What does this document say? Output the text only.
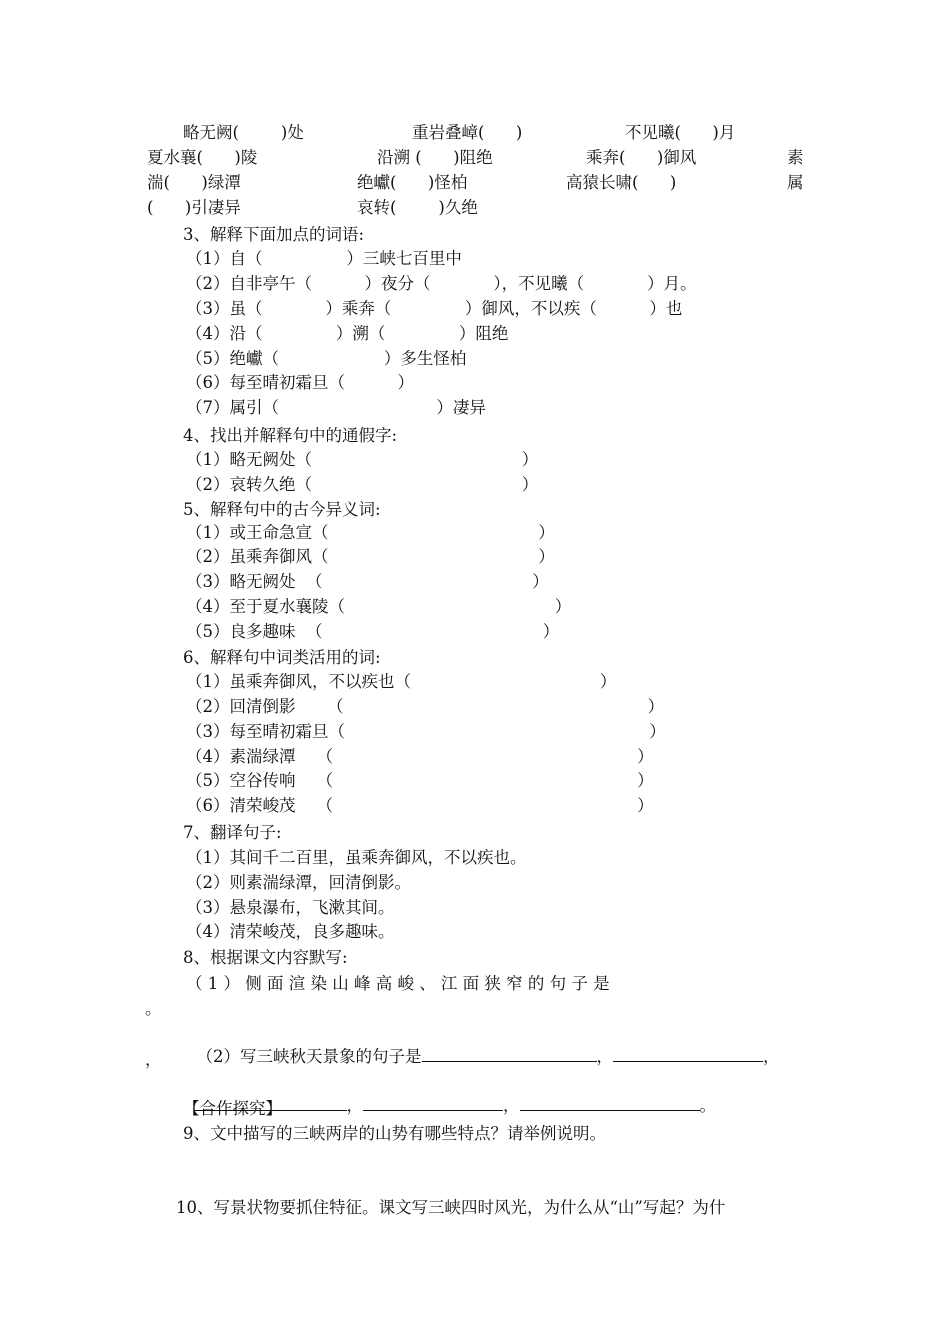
略无阙(        )处	重岩叠嶂(      )	不见曦(      )月
夏水襄(      )陵	沿溯 (      )阻绝	乘奔(      )御风	素
湍(      )绿潭	绝巘(      )怪柏	高猿长啸(      )	属
(      )引凄异	哀转(        )久绝
3、解释下面加点的词语:
（1）自（                ）三峡七百里中
（2）自非亭午（          ）夜分（            ），不见曦（            ）月。
（3）虽（            ）乘奔（              ）御风，不以疾（          ）也
（4）沿（              ）溯（              ）阻绝
（5）绝巘（                    ）多生怪柏
（6）每至晴初霜旦（          ）
（7）属引（                              ）凄异
4、找出并解释句中的通假字:
（1）略无阙处（                                        ）
（2）哀转久绝（                                        ）
5、解释句中的古今异义词:
（1）或王命急宣（                                        ）
（2）虽乘奔御风（                                        ）
（3）略无阙处  （                                        ）
（4）至于夏水襄陵（                                        ）
（5）良多趣味  （                                          ）
6、解释句中词类活用的词:
（1）虽乘奔御风，不以疾也（                                    ）
（2）回清倒影      （                                                          ）
（3）每至晴初霜旦（                                                          ）
（4）素湍绿潭    （                                                          ）
（5）空谷传响    （                                                          ）
（6）清荣峻茂    （                                                          ）
7、翻译句子:
（1）其间千二百里，虽乘奔御风，不以疾也。
（2）则素湍绿潭，回清倒影。
（3）悬泉瀑布，飞漱其间。
（4）清荣峻茂，良多趣味。
8、根据课文内容默写:
（ 1 ） 侧 面 渲 染 山 峰 高 峻 、 江 面 狭 窄 的 句 子 是
。

（2）写三峡秋天景象的句子是	，	，

，

，	，	。

【合作探究】
9、文中描写的三峡两岸的山势有哪些特点？请举例说明。
10、写景状物要抓住特征。课文写三峡四时风光，为什么从“山”写起？为什
